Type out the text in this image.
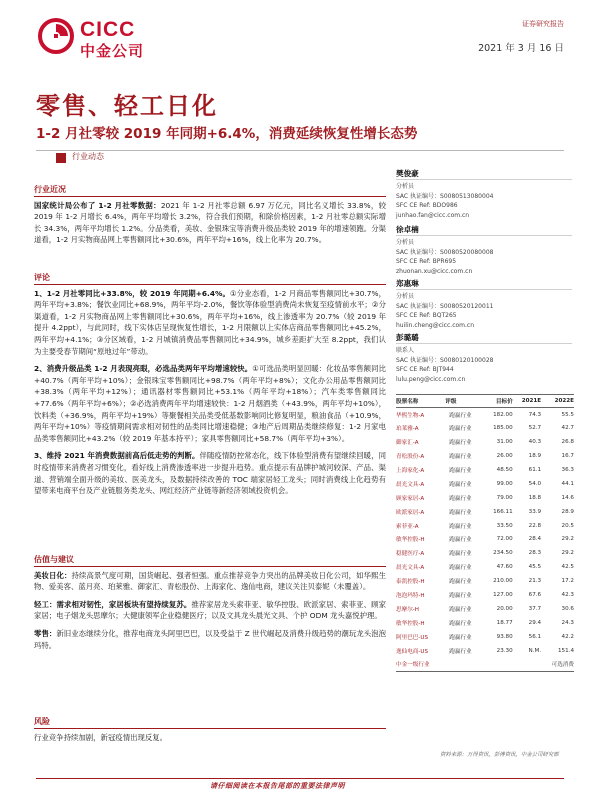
CICC
中金公司
证券研究报告
2021 年 3 月 16 日
零售、轻工日化
1-2 月社零较 2019 年同期+6.4%，消费延续恢复性增长态势
行业动态
行业近况

国家统计局公布了 1-2 月社零数据：2021 年 1-2 月社零总额 6.97 万亿元，同比名义增长 33.8%，较 2019 年 1-2 月增长 6.4%，两年平均增长 3.2%，符合我们预期，和除价格因素，1-2 月社零总额实际增长 34.3%，两年平均增长 1.2%。分品类看，美妆、金银珠宝等消费升级品类较 2019 年的增速领跑。分渠道看，1-2 月实物商品网上零售额同比+30.6%，两年平均+16%，线上化率为 20.7%。

评论

1、1-2 月社零同比+33.8%，较 2019 年同期+6.4%。①分业态看，1-2 月商品零售额同比+30.7%，两年平均+3.8%；餐饮业同比+68.9%，两年平均-2.0%，餐饮等体验型消费尚未恢复至疫情前水平；②分渠道看，1-2 月实物商品网上零售额同比+30.6%，两年平均+16%，线上渗透率为 20.7%（较 2019 年提升 4.2ppt），与此同时，线下实体店呈现恢复性增长，1-2 月限额以上实体店商品零售额同比+45.2%，两年平均+4.1%；③分区域看，1-2 月城镇消费品零售额同比+34.9%，城乡差距扩大至 8.2ppt，我们认为主要受春节期间“原地过年”带动。

2、消费升级品类 1-2 月表现亮眼，必选品类两年平均增速较快。①可选品类明显回暖：化妆品零售额同比+40.7%（两年平均+10%）；金银珠宝零售额同比+98.7%（两年平均+8%）；文化办公用品零售额同比+38.3%（两年平均+12%）；通讯器材零售额同比+53.1%（两年平均+18%）；汽车类零售额同比+77.6%（两年平均+6%）；②必选消费两年平均增速较快：1-2 月烟酒类（+43.9%，两年平均+10%），饮料类（+36.9%，两年平均+19%）等聚餐相关品类受低基数影响同比修复明显，粮油食品（+10.9%，两年平均+10%）等疫情期间需求相对韧性的品类同比增速稳健；③地产后周期品类继续修复：1-2 月家电品类零售额同比+43.2%（较 2019 年基本持平）；家具零售额同比+58.7%（两年平均+3%）。

3、维持 2021 年消费数据前高后低走势的判断。伴随疫情防控常态化，线下体验型消费有望继续回暖，同时疫情带来消费者习惯变化，看好线上消费渗透率进一步提升趋势。重点提示有品牌护城河较深、产品、渠道、营销端全面升级的美妆、医美龙头，及数据持续改善的 TOC 端家居轻工龙头；同时消费线上化趋势有望带来电商平台及产业链服务类龙头、网红经济产业链等新经济领域投资机会。

估值与建议

美妆日化：持续高景气度可期，国货崛起、强者恒强。重点推荐竞争力突出的品牌美妆日化公司，如华熙生物、爱美客、蓝月亮、珀莱雅、御家汇、青松股份、上海家化、逸仙电商，建议关注贝泰妮（未覆盖）。

轻工：需求相对韧性，家居板块有望持续复苏。推荐家居龙头索菲亚、敏华控股、欧派家居、索菲亚、顾家家居；电子烟龙头思摩尔；大健康领军企业稳健医疗；以及文具龙头晨光文具、个护 ODM 龙头嘉悦护理。

零售：新旧业态继续分化，推荐电商龙头阿里巴巴，以及受益于 Z 世代崛起及消费升级趋势的潮玩龙头泡泡玛特。

风险

行业竞争持续加剧，新冠疫情出现反复。

樊俊豪
分析员
SAC 执证编号：S0080513080004
SFC CE Ref: BDO986
junhao.fan@cicc.com.cn
徐卓楠
分析员
SAC 执证编号：S0080520080008
SFC CE Ref: BPR695
zhuonan.xu@cicc.com.cn
郑惠琳
分析员
SAC 执证编号：S0080520120011
SFC CE Ref: BQT265
huilin.cheng@cicc.com.cn
彭璐璐
联系人
SAC 执证编号：S0080120100028
SFC CE Ref: BJT944
lulu.peng@cicc.com.cn
股票名称	评级	目标价	2021E	2022E
华熙生物-A	跑赢行业	182.00	74.3	55.5
珀莱雅-A	跑赢行业	185.00	52.7	42.7
御家汇-A	跑赢行业	31.00	40.3	26.8
青松股份-A	跑赢行业	26.00	18.9	16.7
上海家化-A	跑赢行业	48.50	61.1	36.3
晨光文具-A	跑赢行业	99.00	54.0	44.1
顾家家居-A	跑赢行业	79.00	18.8	14.6
欧派家居-A	跑赢行业	166.11	33.9	28.9
索菲亚-A	跑赢行业	33.50	22.8	20.5
敏华控股-H	跑赢行业	72.00	28.4	29.2
稳健医疗-A	跑赢行业	234.50	28.3	29.2
晨光文具-A	跑赢行业	47.60	45.5	42.5
泰凯控股-H	跑赢行业	210.00	21.3	17.2
泡泡玛特-H	跑赢行业	127.00	67.6	42.3
思摩尔-H	跑赢行业	20.00	37.7	30.6
敏华控股-H	跑赢行业	18.77	29.4	24.3
阿里巴巴-US	跑赢行业	93.80	56.1	42.2
逸仙电商-US	跑赢行业	23.30	N.M.	151.4
中金一级行业				可选消费
资料来源：万得资讯，彭博资讯，中金公司研究部
请仔细阅读在本报告尾部的重要法律声明
